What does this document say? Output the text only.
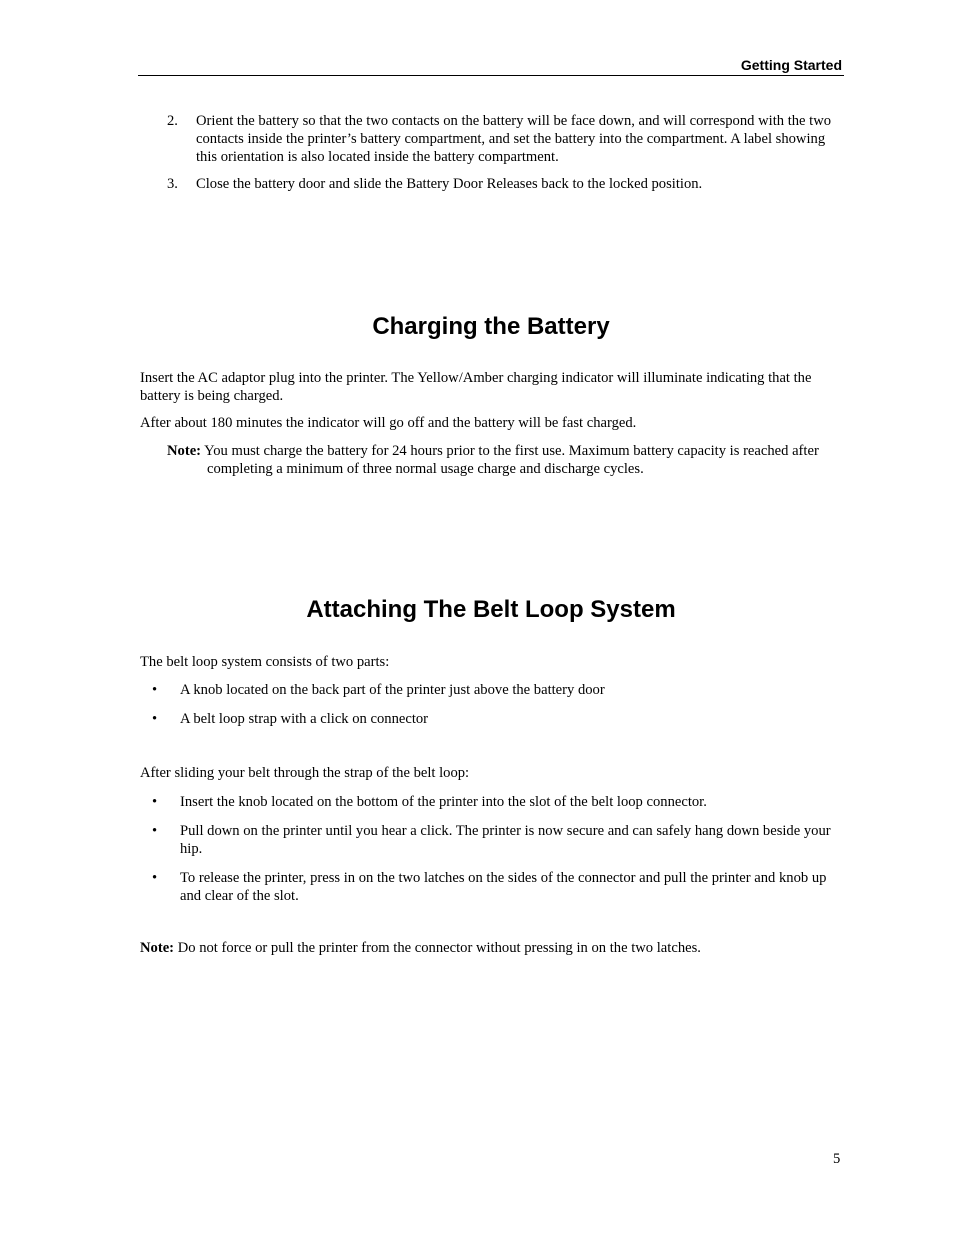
Getting Started
2. Orient the battery so that the two contacts on the battery will be face down, and will correspond with the two contacts inside the printer’s battery compartment, and set the battery into the compartment. A label showing this orientation is also located inside the battery compartment.
3. Close the battery door and slide the Battery Door Releases back to the locked position.
Charging the Battery

Insert the AC adaptor plug into the printer. The Yellow/Amber charging indicator will illuminate indicating that the battery is being charged.

After about 180 minutes the indicator will go off and the battery will be fast charged.

Note: You must charge the battery for 24 hours prior to the first use. Maximum battery capacity is reached after completing a minimum of three normal usage charge and discharge cycles.
Attaching The Belt Loop System

The belt loop system consists of two parts:

• A knob located on the back part of the printer just above the battery door
• A belt loop strap with a click on connector

After sliding your belt through the strap of the belt loop:

• Insert the knob located on the bottom of the printer into the slot of the belt loop connector.
• Pull down on the printer until you hear a click. The printer is now secure and can safely hang down beside your hip.
• To release the printer, press in on the two latches on the sides of the connector and pull the printer and knob up and clear of the slot.
Note: Do not force or pull the printer from the connector without pressing in on the two latches.
5
